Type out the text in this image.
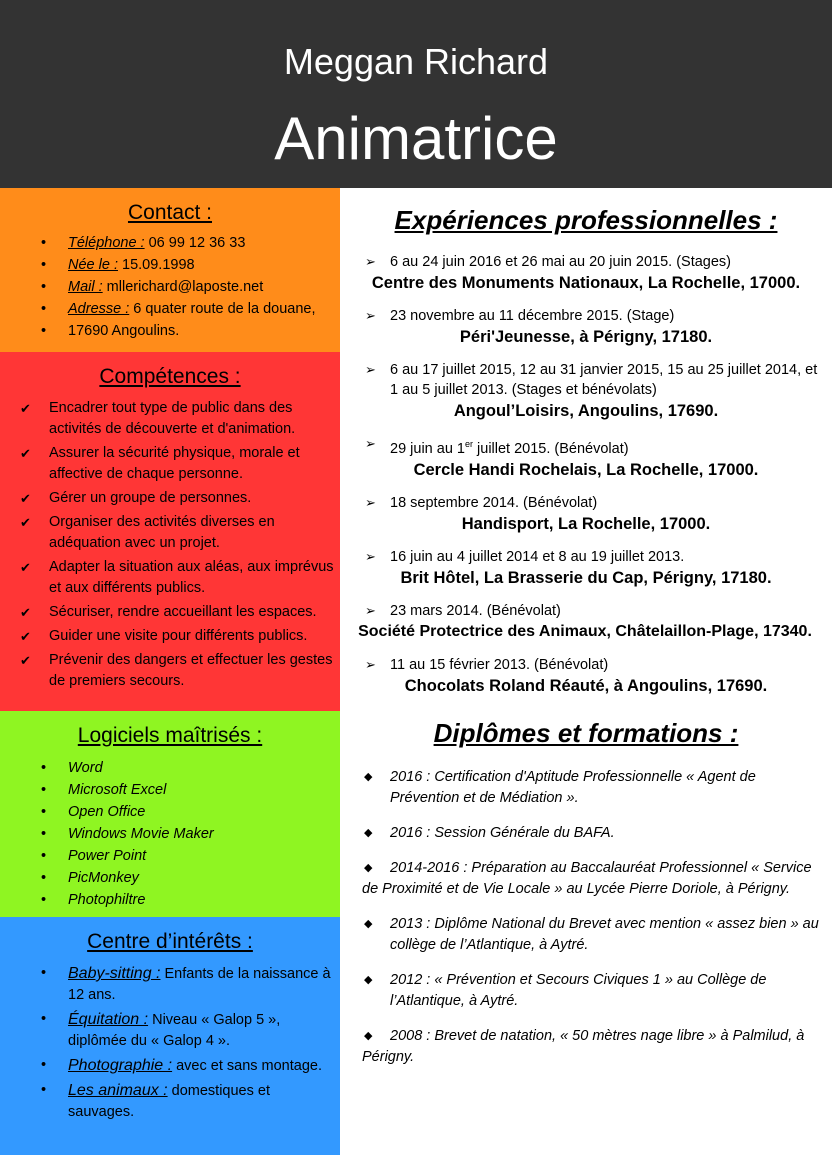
Meggan Richard
Animatrice
Contact :
• Téléphone : 06 99 12 36 33
• Née le : 15.09.1998
• Mail : mllerichard@laposte.net
• Adresse : 6 quater route de la douane,
• 17690 Angoulins.
Compétences :
✔ Encadrer tout type de public dans des activités de découverte et d'animation.
✔ Assurer la sécurité physique, morale et affective de chaque personne.
✔ Gérer un groupe de personnes.
✔ Organiser des activités diverses en adéquation avec un projet.
✔ Adapter la situation aux aléas, aux imprévus et aux différents publics.
✔ Sécuriser, rendre accueillant les espaces.
✔ Guider une visite pour différents publics.
✔ Prévenir des dangers et effectuer les gestes de premiers secours.
Logiciels maîtrisés :
• Word
• Microsoft Excel
• Open Office
• Windows Movie Maker
• Power Point
• PicMonkey
• Photophiltre
Centre d’intérêts :
• Baby-sitting : Enfants de la naissance à 12 ans.
• Équitation : Niveau « Galop 5 », diplômée du « Galop 4 ».
• Photographie : avec et sans montage.
• Les animaux : domestiques et sauvages.
Expériences professionnelles :
➢ 6 au 24 juin 2016 et 26 mai au 20 juin 2015. (Stages)
Centre des Monuments Nationaux, La Rochelle, 17000.
➢ 23 novembre au 11 décembre 2015. (Stage)
Péri'Jeunesse, à Périgny, 17180.
➢ 6 au 17 juillet 2015, 12 au 31 janvier 2015, 15 au 25 juillet 2014, et 1 au 5 juillet 2013. (Stages et bénévolats)
Angoul’Loisirs, Angoulins, 17690.
➢ 29 juin au 1er juillet 2015. (Bénévolat)
Cercle Handi Rochelais, La Rochelle, 17000.
➢ 18 septembre 2014. (Bénévolat)
Handisport, La Rochelle, 17000.
➢ 16 juin au 4 juillet 2014 et 8 au 19 juillet 2013.
Brit Hôtel, La Brasserie du Cap, Périgny, 17180.
➢ 23 mars 2014. (Bénévolat)
Société Protectrice des Animaux, Châtelaillon-Plage, 17340.
➢ 11 au 15 février 2013. (Bénévolat)
Chocolats Roland Réauté, à Angoulins, 17690.
Diplômes et formations :
◆ 2016 : Certification d'Aptitude Professionnelle « Agent de Prévention et de Médiation ».
◆ 2016 : Session Générale du BAFA.
◆ 2014-2016 : Préparation au Baccalauréat Professionnel « Service de Proximité et de Vie Locale » au Lycée Pierre Doriole, à Périgny.
◆ 2013 : Diplôme National du Brevet avec mention « assez bien » au collège de l’Atlantique, à Aytré.
◆ 2012 : « Prévention et Secours Civiques 1 » au Collège de l’Atlantique, à Aytré.
◆ 2008 : Brevet de natation, « 50 mètres nage libre » à Palmilud, à Périgny.
